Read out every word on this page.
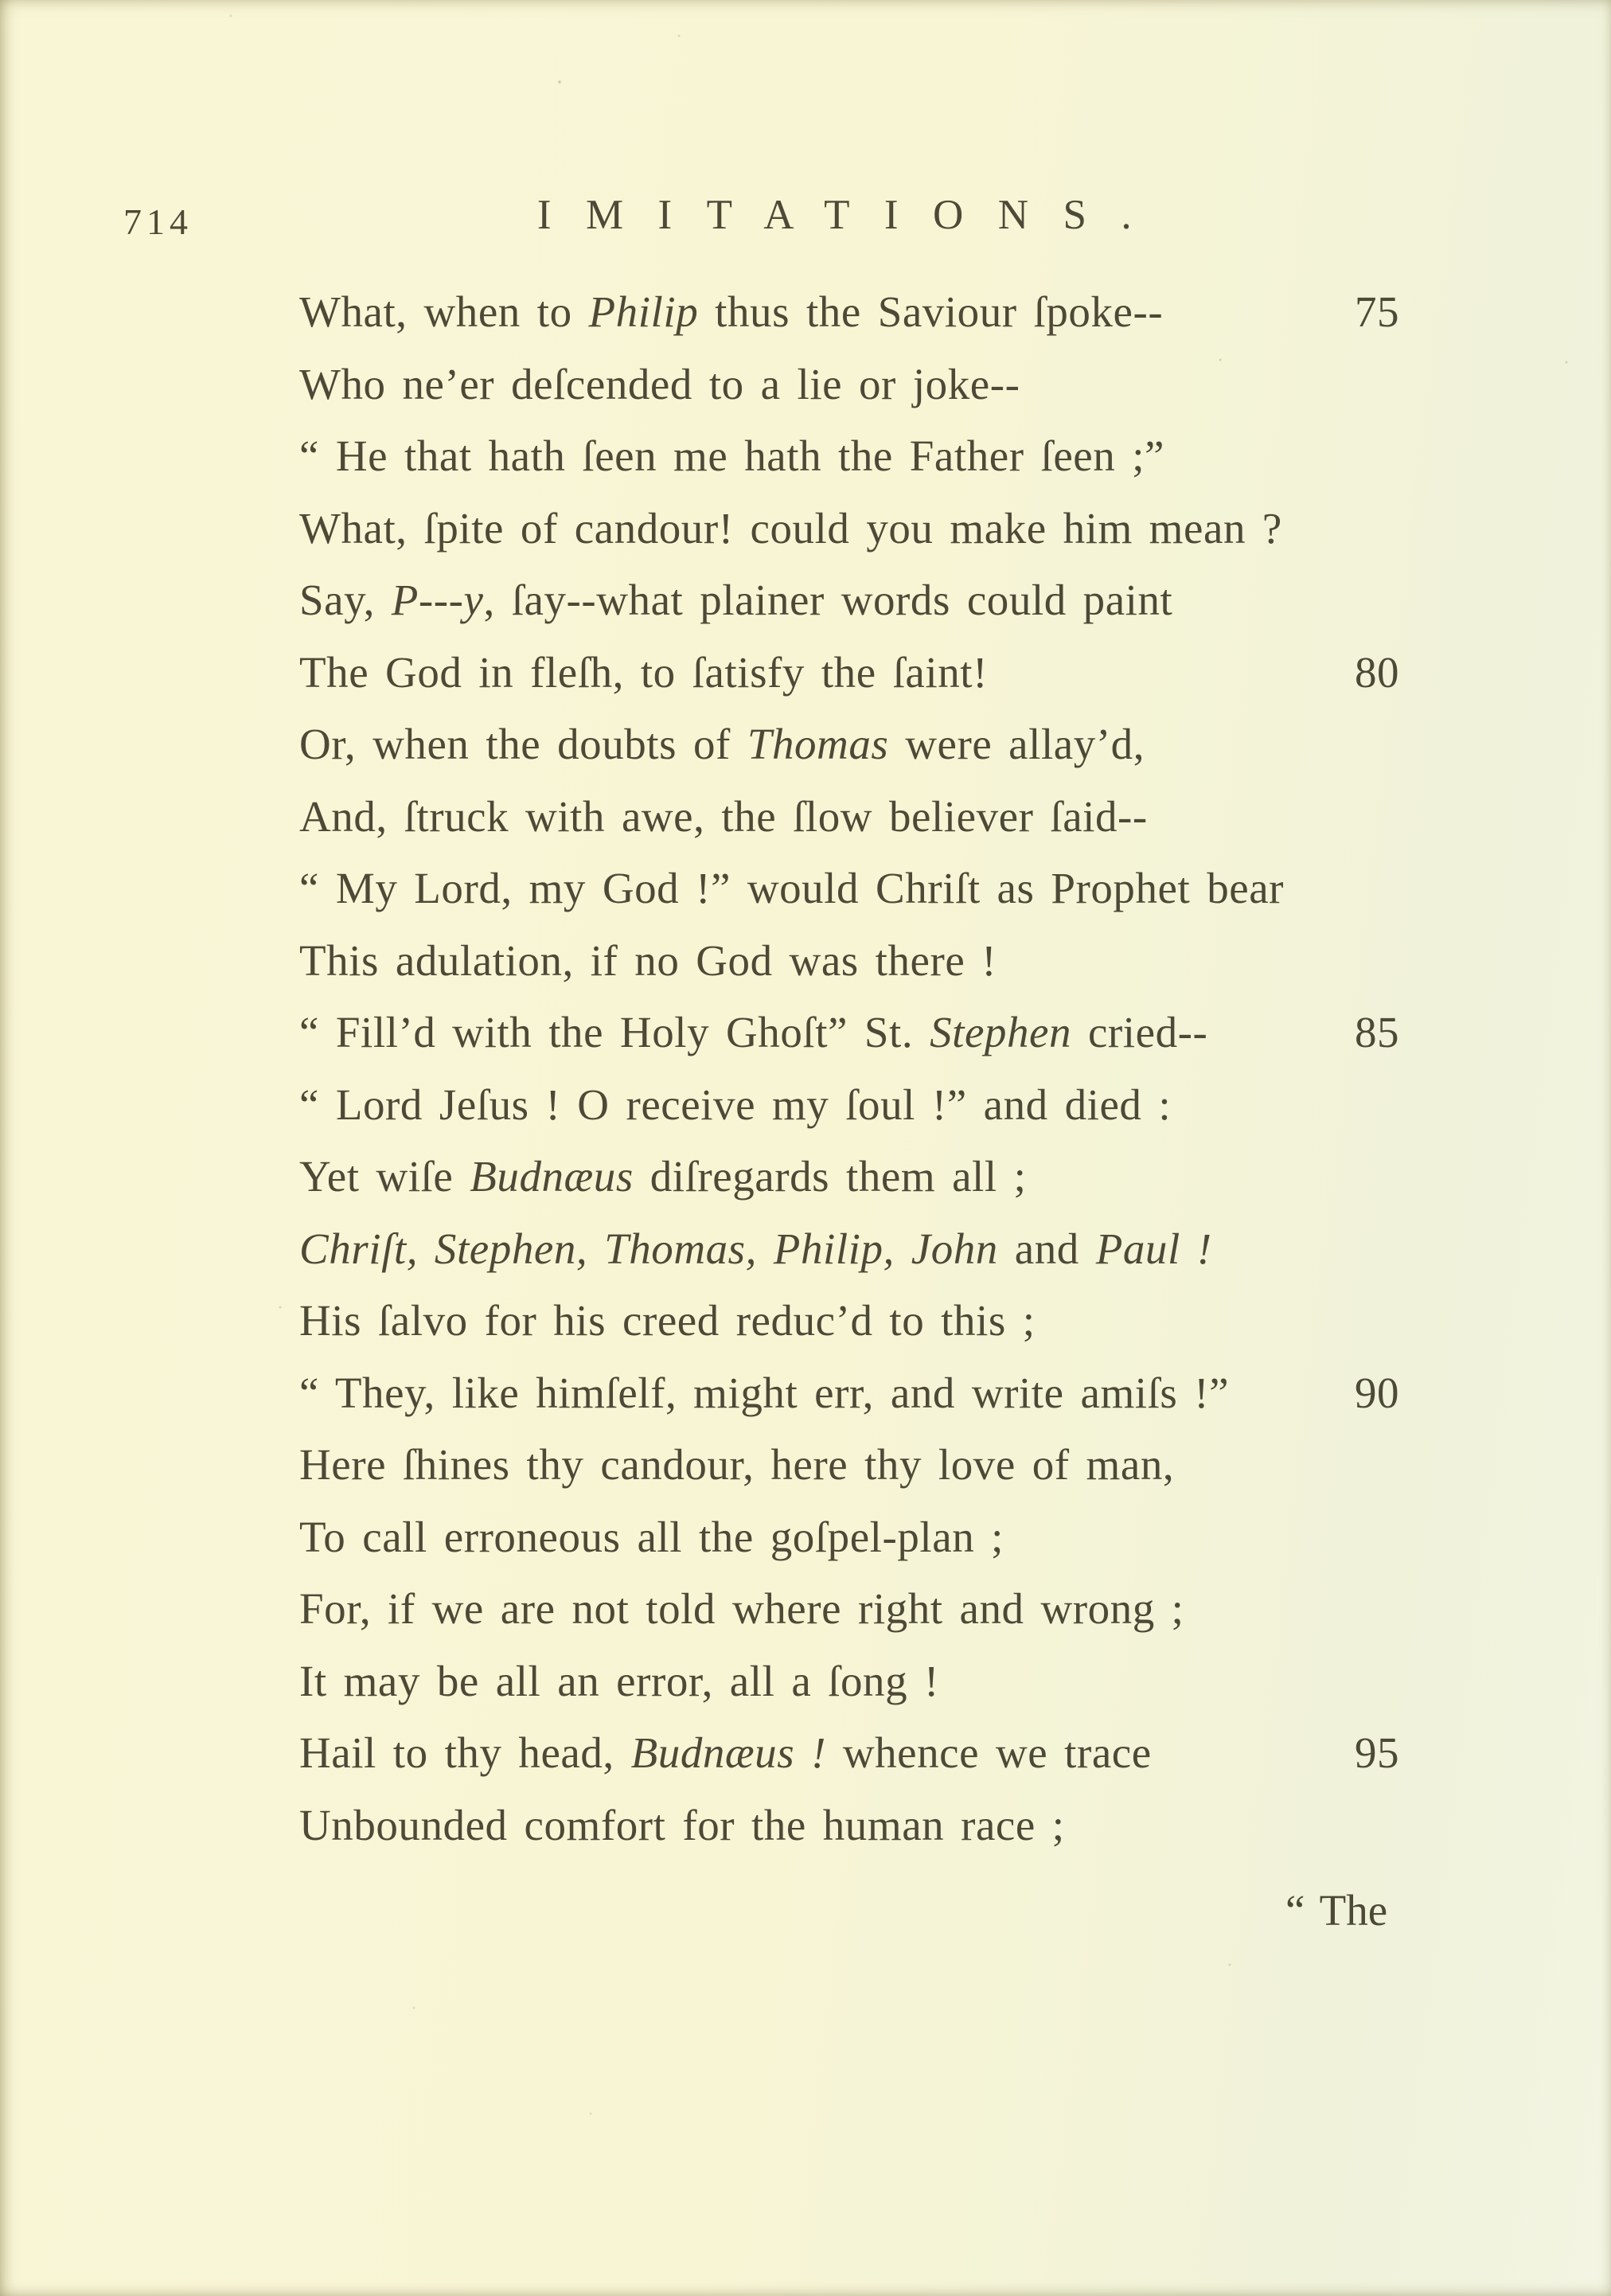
714	IMITATIONS.
What, when to Philip thus the Saviour ſpoke--	75
Who ne’er deſcended to a lie or joke--
“ He that hath ſeen me hath the Father ſeen ;”
What, ſpite of candour! could you make him mean ?
Say, P---y, ſay--what plainer words could paint
The God in fleſh, to ſatisfy the ſaint!	80
Or, when the doubts of Thomas were allay’d,
And, ſtruck with awe, the ſlow believer ſaid--
“ My Lord, my God !” would Chriſt as Prophet bear
This adulation, if no God was there !
“ Fill’d with the Holy Ghoſt” St. Stephen cried--	85
“ Lord Jeſus ! O receive my ſoul !” and died :
Yet wiſe Budnæus diſregards them all ;
Chriſt, Stephen, Thomas, Philip, John and Paul !
His ſalvo for his creed reduc’d to this ;
“ They, like himſelf, might err, and write amiſs !”	90
Here ſhines thy candour, here thy love of man,
To call erroneous all the goſpel-plan ;
For, if we are not told where right and wrong ;
It may be all an error, all a ſong !
Hail to thy head, Budnæus ! whence we trace	95
Unbounded comfort for the human race ;
“ The
